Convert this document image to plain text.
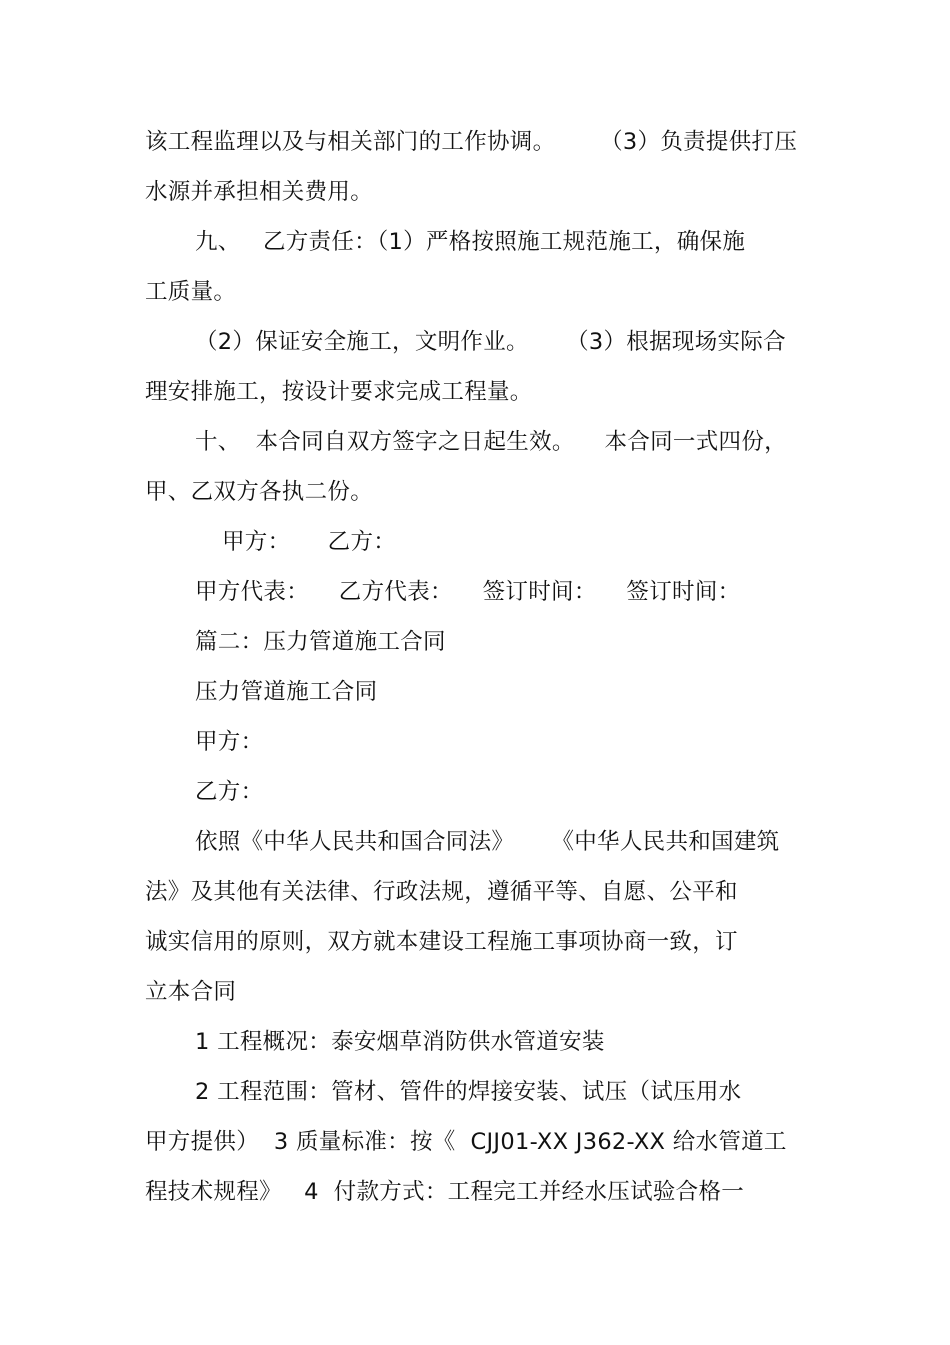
该工程监理以及与相关部门的工作协调。      （3）负责提供打压
水源并承担相关费用。
九、   乙方责任：（1）严格按照施工规范施工，确保施
工质量。
（2）保证安全施工，文明作业。     （3）根据现场实际合
理安排施工，按设计要求完成工程量。
十、  本合同自双方签字之日起生效。    本合同一式四份，
甲、乙双方各执二份。
甲方：     乙方：
甲方代表：    乙方代表：    签订时间：    签订时间：
篇二：压力管道施工合同
压力管道施工合同
甲方：
乙方：
依照《中华人民共和国合同法》     《中华人民共和国建筑
法》及其他有关法律、行政法规，遵循平等、自愿、公平和
诚实信用的原则，双方就本建设工程施工事项协商一致，订
立本合同
1 工程概况：泰安烟草消防供水管道安装
2 工程范围：管材、管件的焊接安装、试压（试压用水
甲方提供）  3 质量标准：按《  CJJ01-XX J362-XX 给水管道工
程技术规程》   4  付款方式：工程完工并经水压试验合格一
